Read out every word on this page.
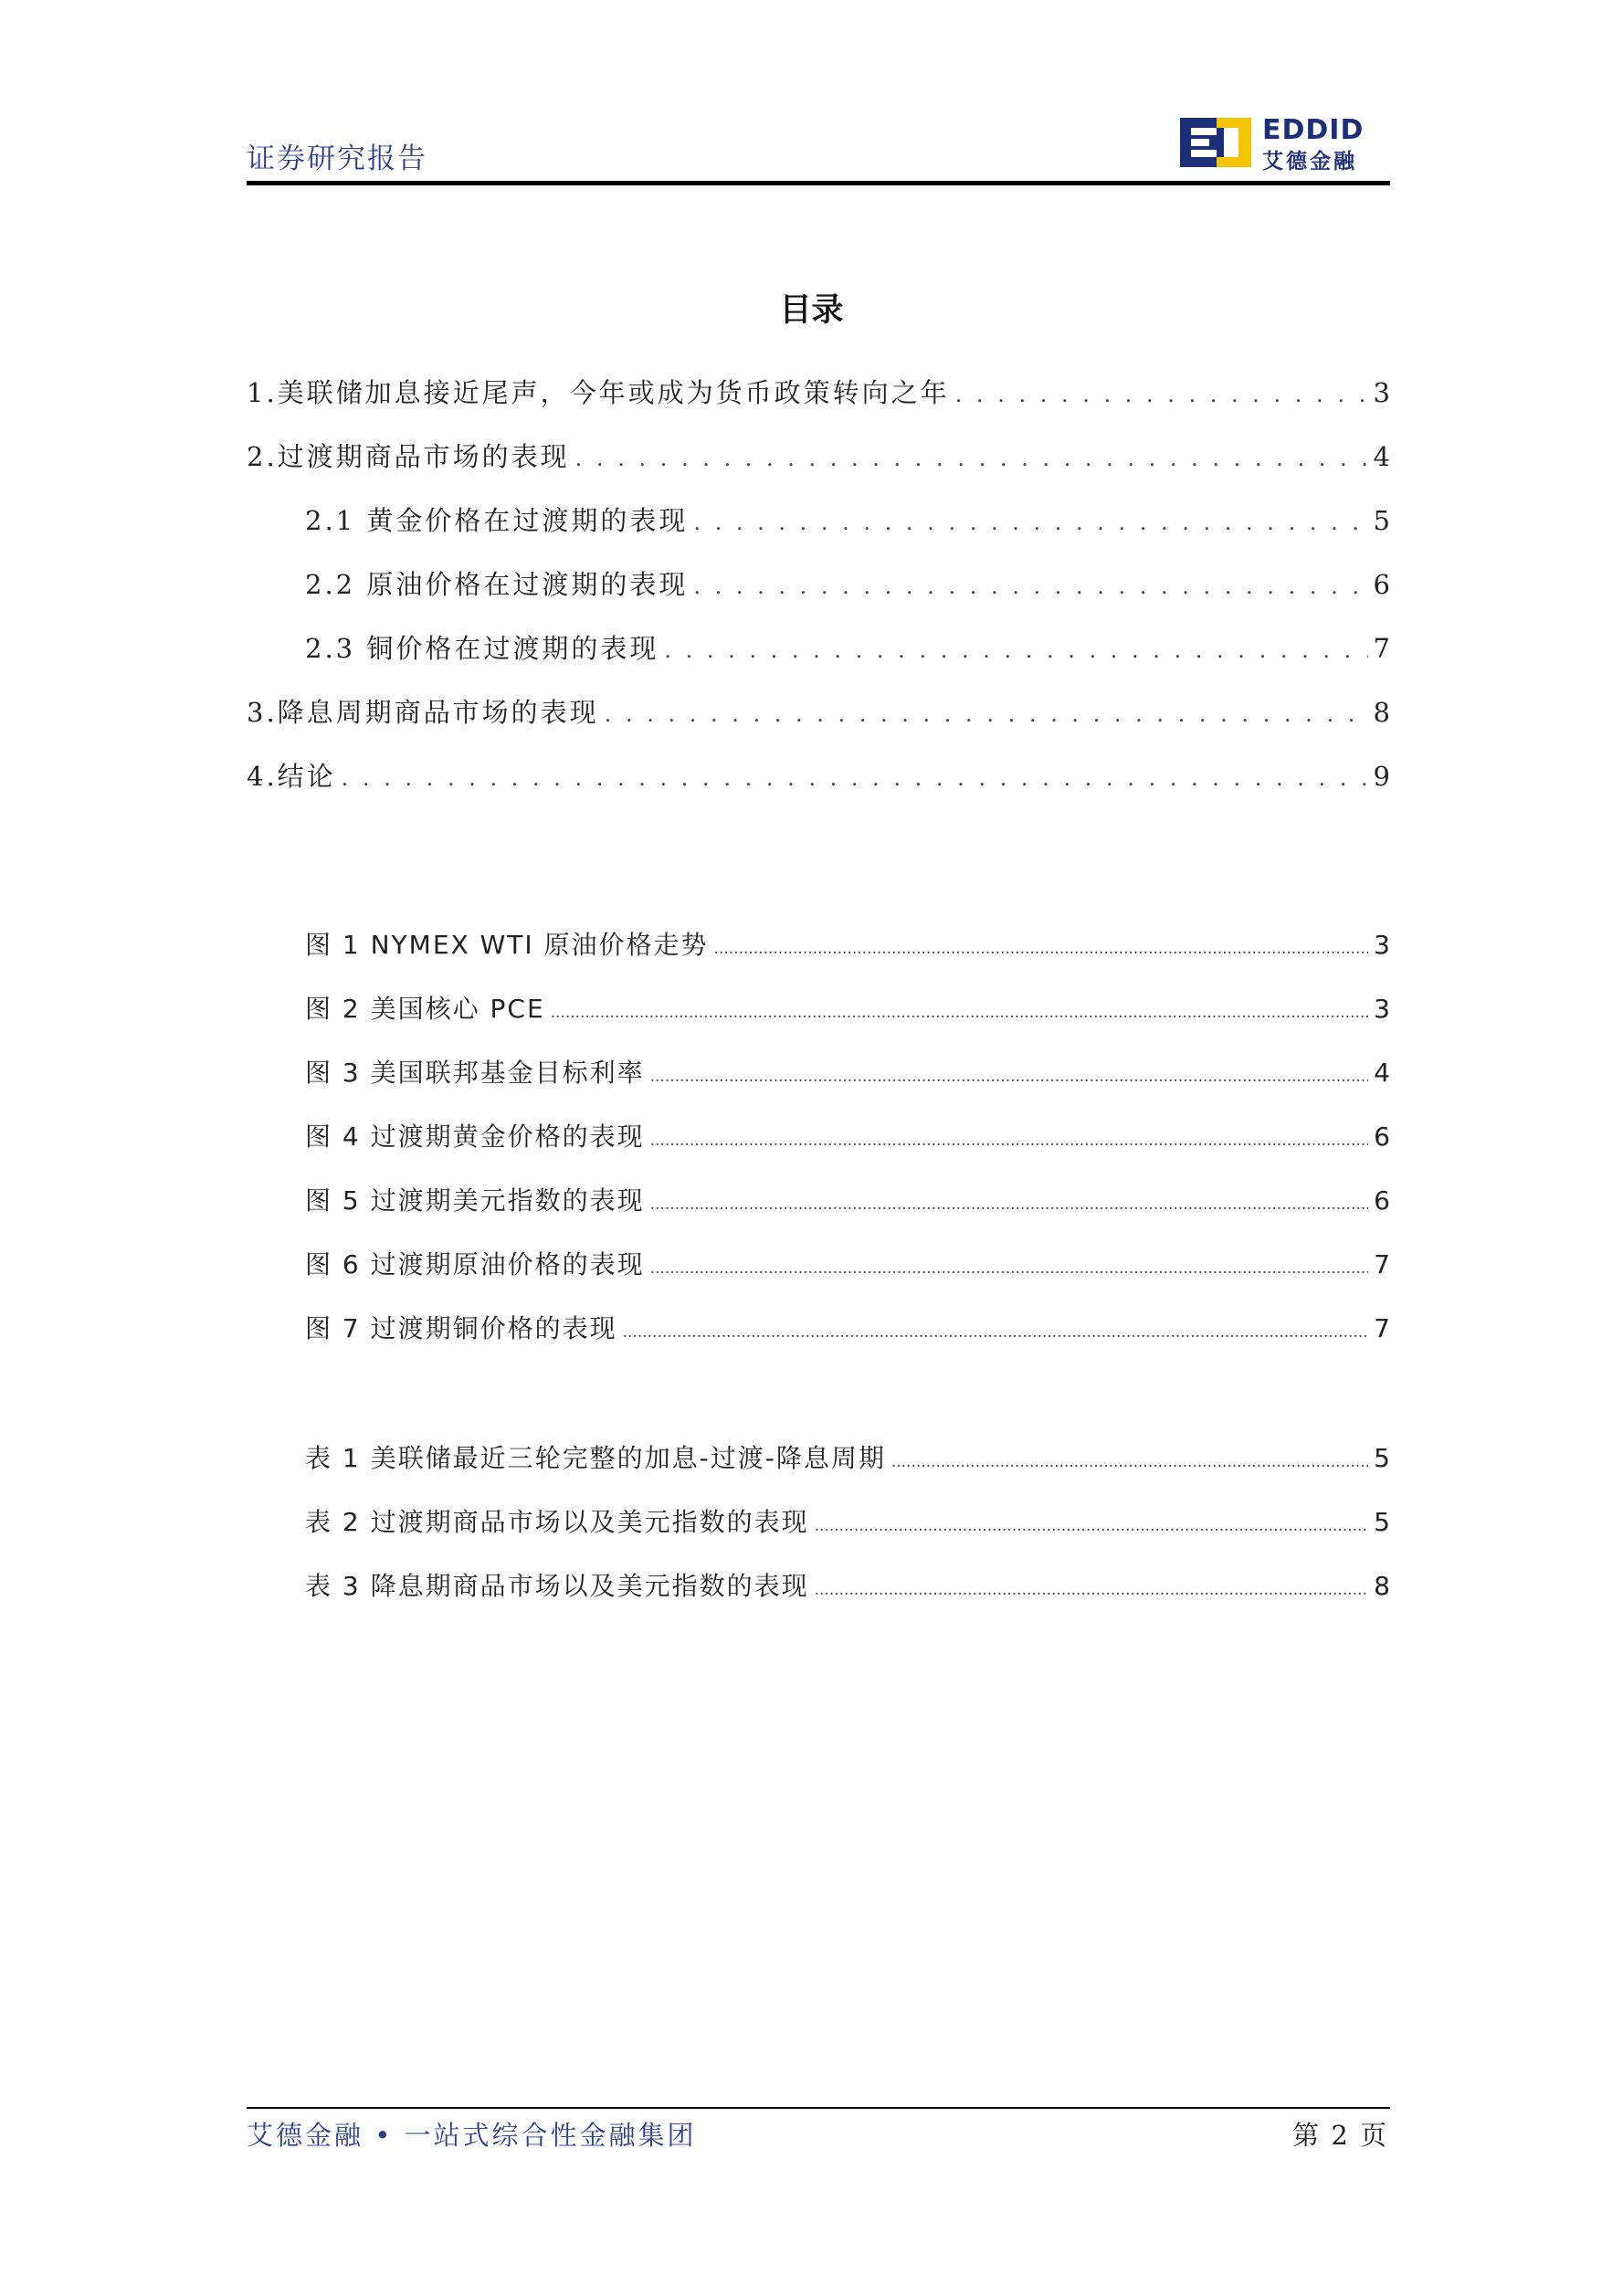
证券研究报告
EDDID
艾德金融
目录
1.美联储加息接近尾声，今年或成为货币政策转向之年 . . .	3
2.过渡期商品市场的表现 . . .	4
2.1 黄金价格在过渡期的表现 . . .	5
2.2 原油价格在过渡期的表现 . . .	6
2.3 铜价格在过渡期的表现 . . .	7
3.降息周期商品市场的表现 . . .	8
4.结论 . . .	9
图 1 NYMEX WTI 原油价格走势 .....	3
图 2 美国核心 PCE .....	3
图 3 美国联邦基金目标利率 .....	4
图 4 过渡期黄金价格的表现 .....	6
图 5 过渡期美元指数的表现 .....	6
图 6 过渡期原油价格的表现 .....	7
图 7 过渡期铜价格的表现 .....	7
表 1 美联储最近三轮完整的加息-过渡-降息周期 .....	5
表 2 过渡期商品市场以及美元指数的表现 .....	5
表 3 降息期商品市场以及美元指数的表现 .....	8
艾德金融 • 一站式综合性金融集团	第 2 页
